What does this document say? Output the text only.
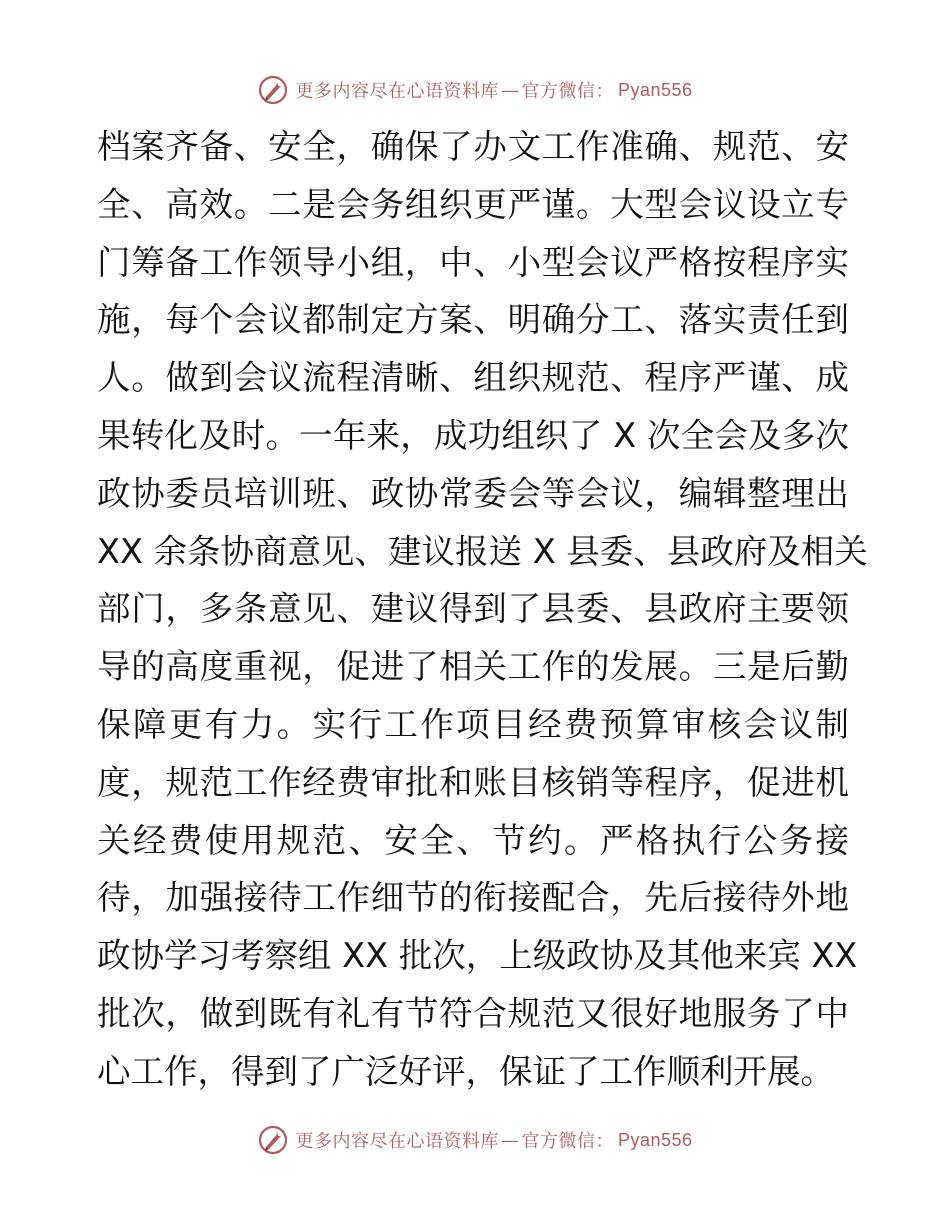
更多内容尽在心语资料库 — 官方微信： Pyan556
档案齐备、安全，确保了办文工作准确、规范、安
全、高效。二是会务组织更严谨。大型会议设立专
门筹备工作领导小组，中、小型会议严格按程序实
施，每个会议都制定方案、明确分工、落实责任到
人。做到会议流程清晰、组织规范、程序严谨、成
果转化及时。一年来，成功组织了 X 次全会及多次
政协委员培训班、政协常委会等会议，编辑整理出
XX 余条协商意见、建议报送 X 县委、县政府及相关
部门，多条意见、建议得到了县委、县政府主要领
导的高度重视，促进了相关工作的发展。三是后勤
保障更有力。实行工作项目经费预算审核会议制
度，规范工作经费审批和账目核销等程序，促进机
关经费使用规范、安全、节约。严格执行公务接
待，加强接待工作细节的衔接配合，先后接待外地
政协学习考察组 XX 批次，上级政协及其他来宾 XX
批次，做到既有礼有节符合规范又很好地服务了中
心工作，得到了广泛好评，保证了工作顺利开展。
更多内容尽在心语资料库 — 官方微信： Pyan556
